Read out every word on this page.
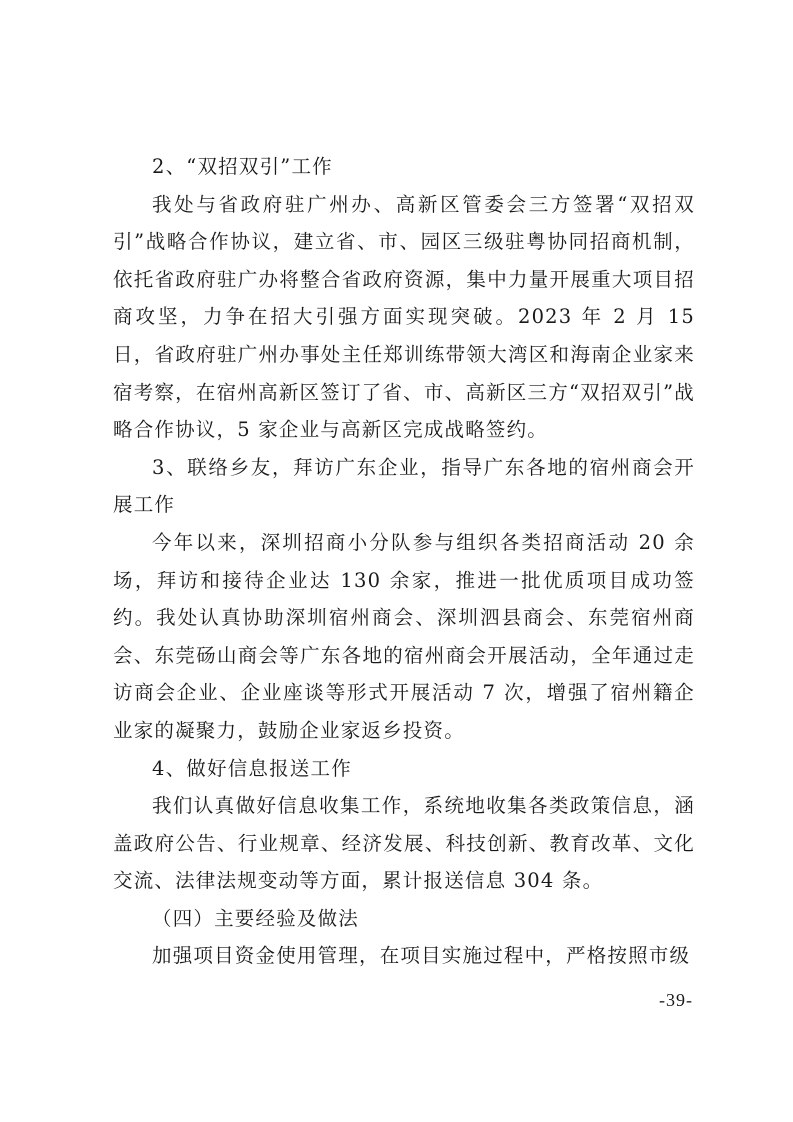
2、“双招双引”工作

我处与省政府驻广州办、高新区管委会三方签署“双招双引”战略合作协议，建立省、市、园区三级驻粤协同招商机制，依托省政府驻广办将整合省政府资源，集中力量开展重大项目招商攻坚，力争在招大引强方面实现突破。2023 年 2 月 15 日，省政府驻广州办事处主任郑训练带领大湾区和海南企业家来宿考察，在宿州高新区签订了省、市、高新区三方“双招双引”战略合作协议，5 家企业与高新区完成战略签约。

3、联络乡友，拜访广东企业，指导广东各地的宿州商会开展工作

今年以来，深圳招商小分队参与组织各类招商活动 20 余场，拜访和接待企业达 130 余家，推进一批优质项目成功签约。我处认真协助深圳宿州商会、深圳泗县商会、东莞宿州商会、东莞砀山商会等广东各地的宿州商会开展活动，全年通过走访商会企业、企业座谈等形式开展活动 7 次，增强了宿州籍企业家的凝聚力，鼓励企业家返乡投资。

4、做好信息报送工作

我们认真做好信息收集工作，系统地收集各类政策信息，涵盖政府公告、行业规章、经济发展、科技创新、教育改革、文化交流、法律法规变动等方面，累计报送信息 304 条。

（四）主要经验及做法

加强项目资金使用管理，在项目实施过程中，严格按照市级

-39-
